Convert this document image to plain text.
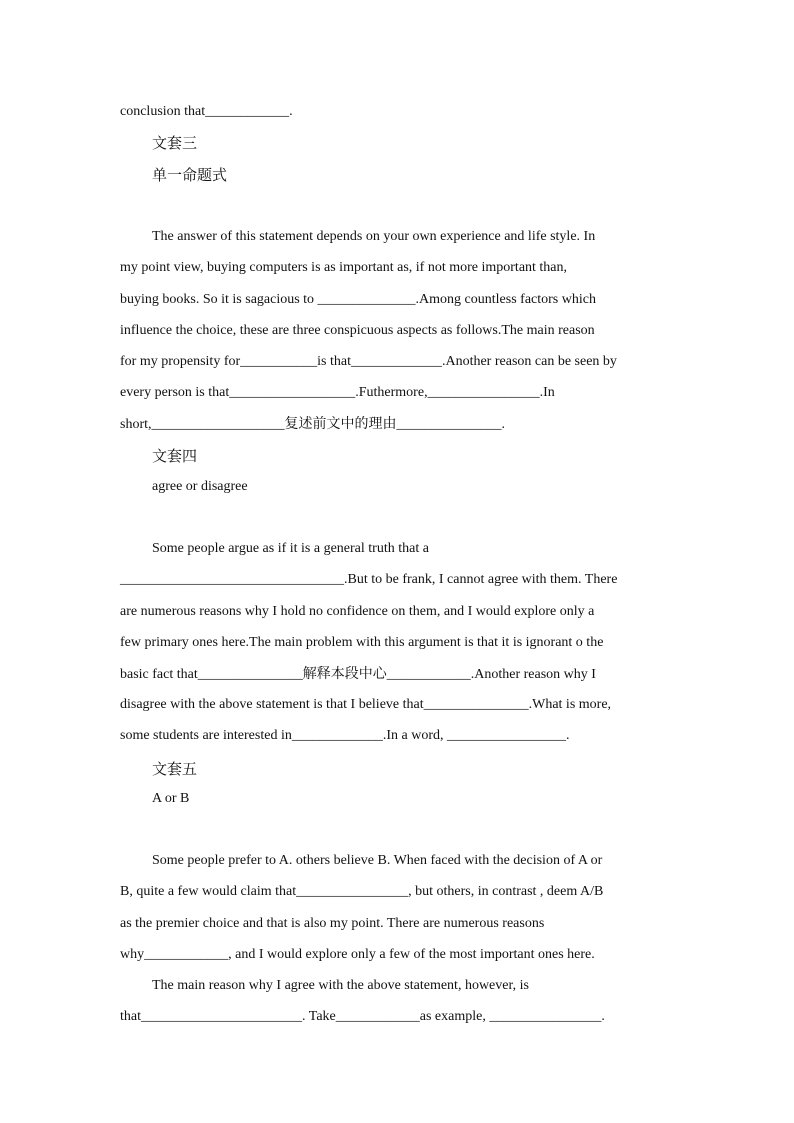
conclusion that____________.
文套三
单一命题式
The answer of this statement depends on your own experience and life style. In
my point view, buying computers is as important as, if not more important than,
buying books. So it is sagacious to ______________.Among countless factors which
influence the choice, these are three conspicuous aspects as follows.The main reason
for my propensity for___________is that_____________.Another reason can be seen by
every person is that__________________.Futhermore,________________.In
short,___________________复述前文中的理由_______________.
文套四
agree or disagree
Some people argue as if it is a general truth that a
________________________________.But to be frank, I cannot agree with them. There
are numerous reasons why I hold no confidence on them, and I would explore only a
few primary ones here.The main problem with this argument is that it is ignorant o the
basic fact that_______________解释本段中心____________.Another reason why I
disagree with the above statement is that I believe that_______________.What is more,
some students are interested in_____________.In a word, _________________.
文套五
A or B
Some people prefer to A. others believe B. When faced with the decision of A or
B, quite a few would claim that________________, but others, in contrast , deem A/B
as the premier choice and that is also my point. There are numerous reasons
why____________, and I would explore only a few of the most important ones here.
The main reason why I agree with the above statement, however, is
that_______________________. Take____________as example, ________________.
